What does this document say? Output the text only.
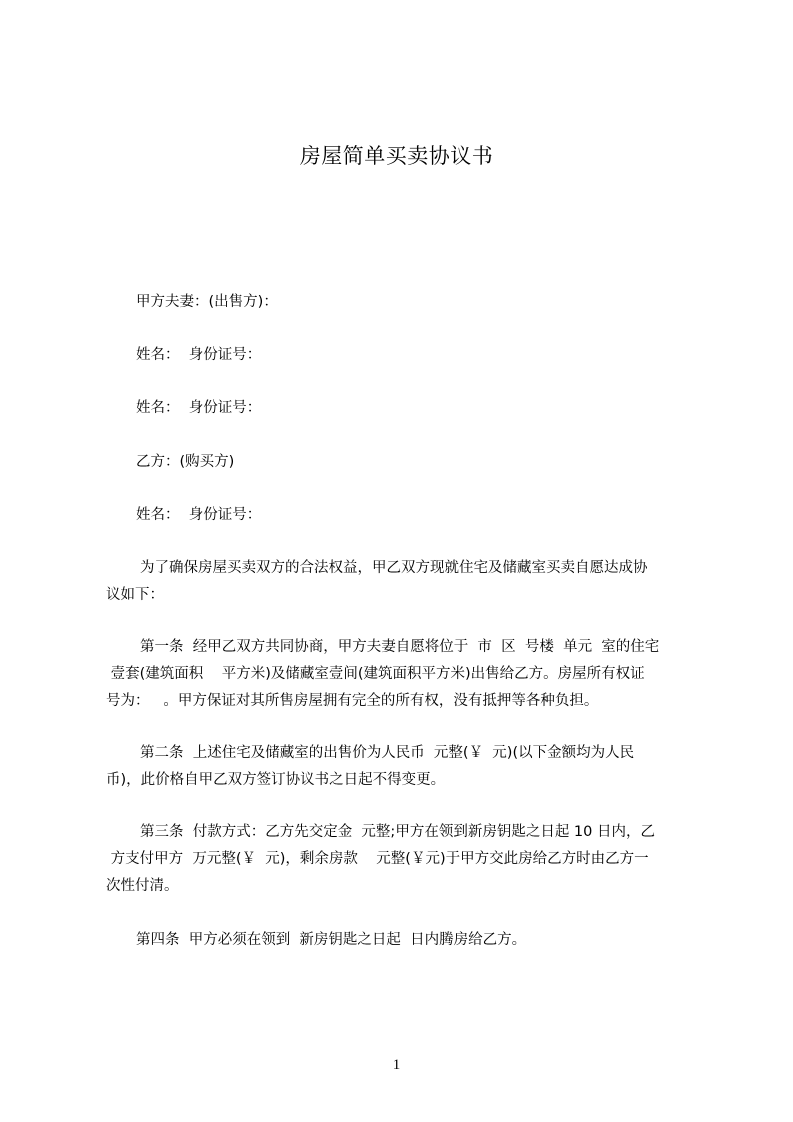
房屋简单买卖协议书
甲方夫妻：(出售方)：
姓名：  身份证号：
姓名：  身份证号：
乙方：(购买方)
姓名：  身份证号：
为了确保房屋买卖双方的合法权益，甲乙双方现就住宅及储藏室买卖自愿达成协
议如下：
第一条  经甲乙双方共同协商，甲方夫妻自愿将位于  市  区  号楼  单元  室的住宅
壹套(建筑面积    平方米)及储藏室壹间(建筑面积平方米)出售给乙方。房屋所有权证
号为：   。甲方保证对其所售房屋拥有完全的所有权，没有抵押等各种负担。
第二条  上述住宅及储藏室的出售价为人民币  元整(￥  元)(以下金额均为人民
币)，此价格自甲乙双方签订协议书之日起不得变更。
第三条  付款方式：乙方先交定金  元整;甲方在领到新房钥匙之日起 10 日内，乙
方支付甲方  万元整(￥  元)，剩余房款    元整(￥元)于甲方交此房给乙方时由乙方一
次性付清。
第四条  甲方必须在领到  新房钥匙之日起  日内腾房给乙方。
1
